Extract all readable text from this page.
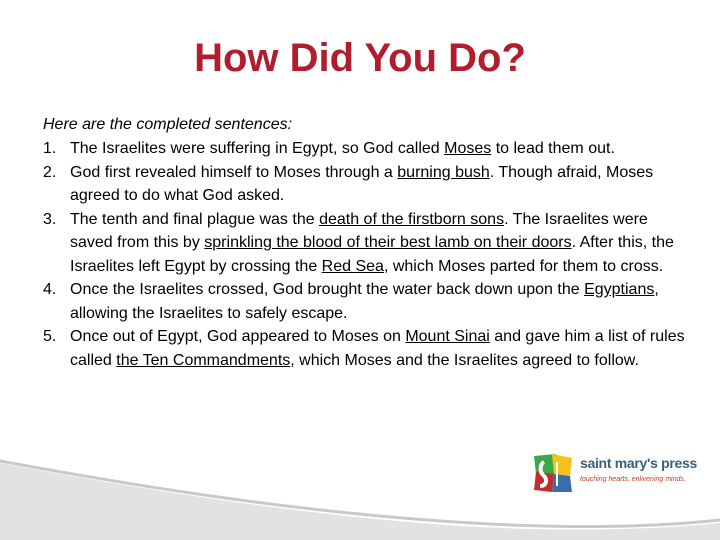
How Did You Do?

Here are the completed sentences:

1. The Israelites were suffering in Egypt, so God called Moses to lead them out.
2. God first revealed himself to Moses through a burning bush. Though afraid, Moses agreed to do what God asked.
3. The tenth and final plague was the death of the firstborn sons. The Israelites were saved from this by sprinkling the blood of their best lamb on their doors. After this, the Israelites left Egypt by crossing the Red Sea, which Moses parted for them to cross.
4. Once the Israelites crossed, God brought the water back down upon the Egyptians, allowing the Israelites to safely escape.
5. Once out of Egypt, God appeared to Moses on Mount Sinai and gave him a list of rules called the Ten Commandments, which Moses and the Israelites agreed to follow.
saint mary's press
touching hearts. enlivening minds.
